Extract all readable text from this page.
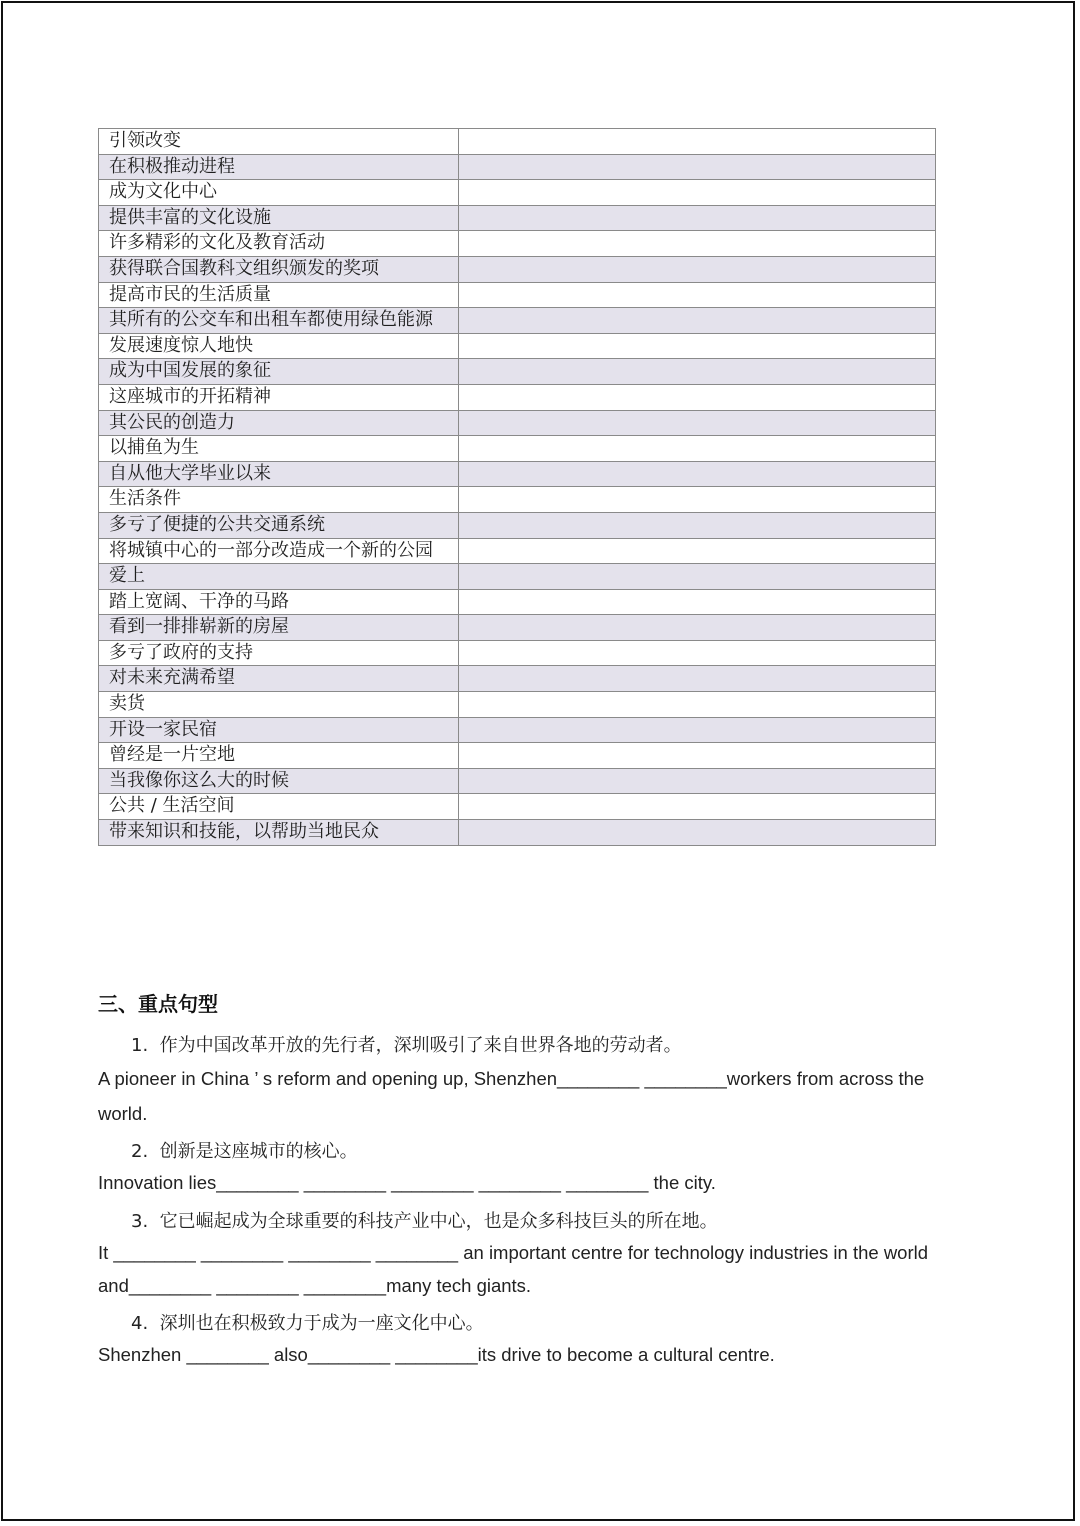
引领改变	
在积极推动进程	
成为文化中心	
提供丰富的文化设施	
许多精彩的文化及教育活动	
获得联合国教科文组织颁发的奖项	
提高市民的生活质量	
其所有的公交车和出租车都使用绿色能源	
发展速度惊人地快	
成为中国发展的象征	
这座城市的开拓精神	
其公民的创造力	
以捕鱼为生	
自从他大学毕业以来	
生活条件	
多亏了便捷的公共交通系统	
将城镇中心的一部分改造成一个新的公园	
爱上	
踏上宽阔、干净的马路	
看到一排排崭新的房屋	
多亏了政府的支持	
对未来充满希望	
卖货	
开设一家民宿	
曾经是一片空地	
当我像你这么大的时候	
公共 / 生活空间	
带来知识和技能，以帮助当地民众	
三、重点句型
1. 作为中国改革开放的先行者，深圳吸引了来自世界各地的劳动者。
A pioneer in China ’ s reform and opening up, Shenzhen________ ________workers from across the
world.
2. 创新是这座城市的核心。
Innovation lies________ ________ ________ ________ ________ the city.
3. 它已崛起成为全球重要的科技产业中心，也是众多科技巨头的所在地。
It ________ ________ ________ ________ an important centre for technology industries in the world
and________ ________ ________many tech giants.
4. 深圳也在积极致力于成为一座文化中心。
Shenzhen ________ also________ ________its drive to become a cultural centre.
